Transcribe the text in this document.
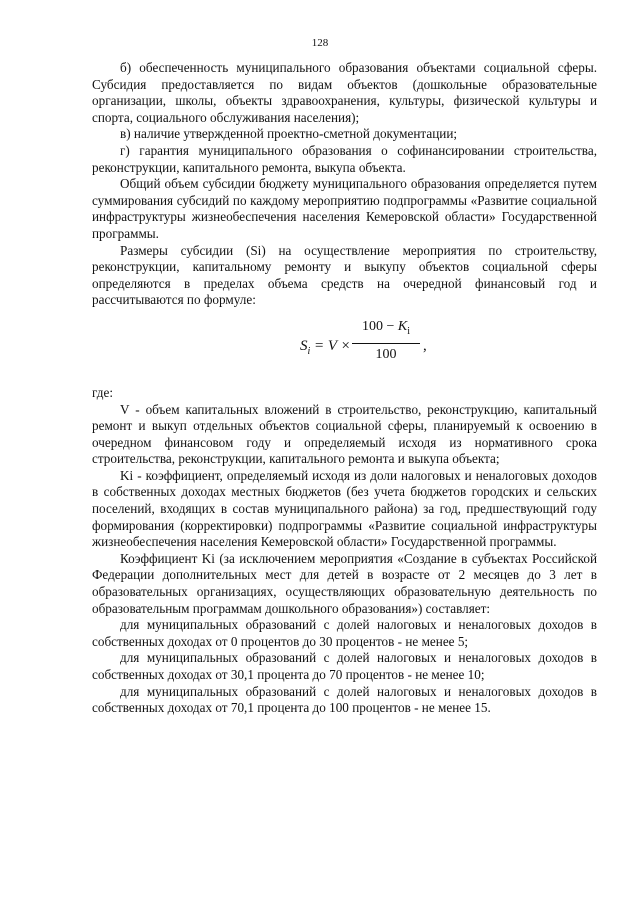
128

б) обеспеченность муниципального образования объектами социальной сферы. Субсидия предоставляется по видам объектов (дошкольные образовательные организации, школы, объекты здравоохранения, культуры, физической культуры и спорта, социального обслуживания населения);

в) наличие утвержденной проектно-сметной документации;

г) гарантия муниципального образования о софинансировании строительства, реконструкции, капитального ремонта, выкупа объекта.

Общий объем субсидии бюджету муниципального образования определяется путем суммирования субсидий по каждому мероприятию подпрограммы «Развитие социальной инфраструктуры жизнеобеспечения населения Кемеровской области» Государственной программы.

Размеры субсидии (Si) на осуществление мероприятия по строительству, реконструкции, капитальному ремонту и выкупу объектов социальной сферы определяются в пределах объема средств на очередной финансовый год и рассчитываются по формуле:

$S_i = V$ ×
$100 - K_i$
100
,

где:

V - объем капитальных вложений в строительство, реконструкцию, капитальный ремонт и выкуп отдельных объектов социальной сферы, планируемый к освоению в очередном финансовом году и определяемый исходя из нормативного срока строительства, реконструкции, капитального ремонта и выкупа объекта;

Ki - коэффициент, определяемый исходя из доли налоговых и неналоговых доходов в собственных доходах местных бюджетов (без учета бюджетов городских и сельских поселений, входящих в состав муниципального района) за год, предшествующий году формирования (корректировки) подпрограммы «Развитие социальной инфраструктуры жизнеобеспечения населения Кемеровской области» Государственной программы.

Коэффициент Ki (за исключением мероприятия «Создание в субъектах Российской Федерации дополнительных мест для детей в возрасте от 2 месяцев до 3 лет в образовательных организациях, осуществляющих образовательную деятельность по образовательным программам дошкольного образования») составляет:

для муниципальных образований с долей налоговых и неналоговых доходов в собственных доходах от 0 процентов до 30 процентов - не менее 5;

для муниципальных образований с долей налоговых и неналоговых доходов в собственных доходах от 30,1 процента до 70 процентов - не менее 10;

для муниципальных образований с долей налоговых и неналоговых доходов в собственных доходах от 70,1 процента до 100 процентов - не менее 15.
